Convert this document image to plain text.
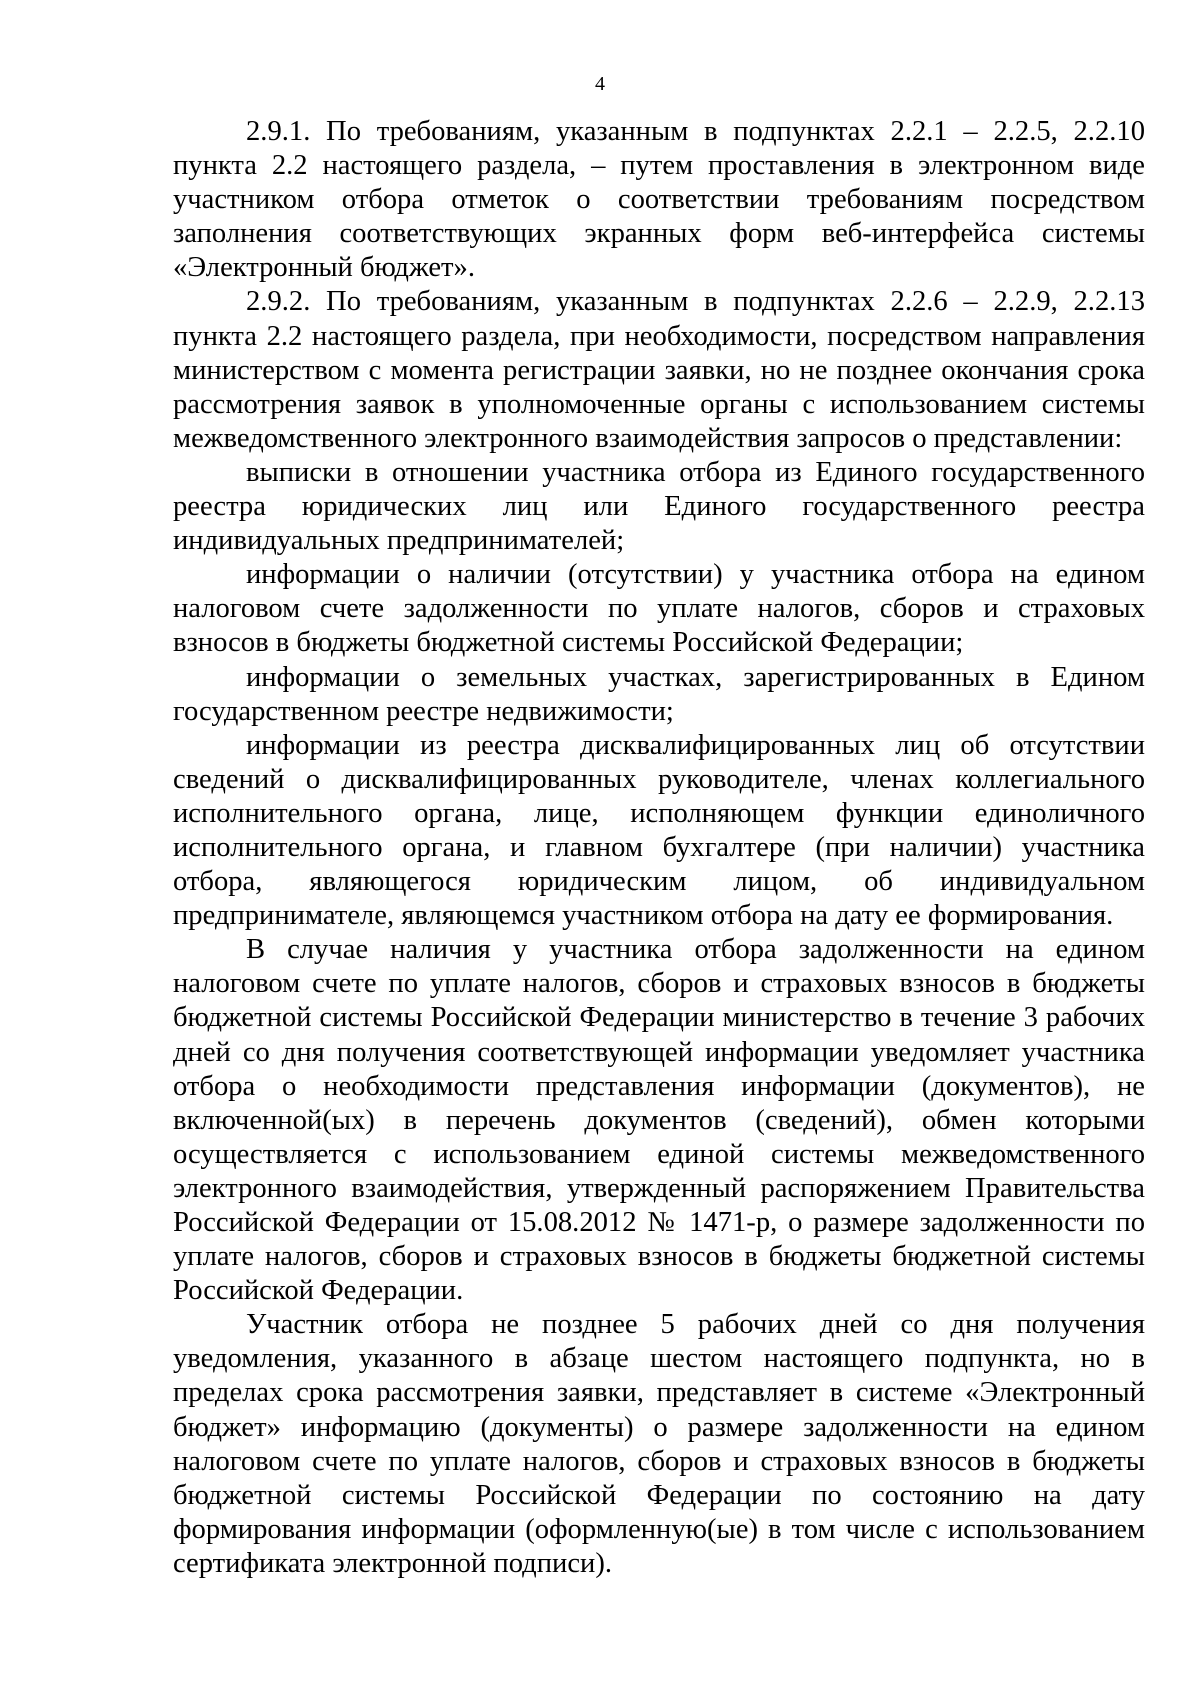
4

2.9.1. По требованиям, указанным в подпунктах 2.2.1 – 2.2.5, 2.2.10 пункта 2.2 настоящего раздела, – путем проставления в электронном виде участником отбора отметок о соответствии требованиям посредством заполнения соответствующих экранных форм веб-интерфейса системы «Электронный бюджет».

2.9.2. По требованиям, указанным в подпунктах 2.2.6 – 2.2.9, 2.2.13 пункта 2.2 настоящего раздела, при необходимости, посредством направления министерством с момента регистрации заявки, но не позднее окончания срока рассмотрения заявок в уполномоченные органы с использованием системы межведомственного электронного взаимодействия запросов о представлении:

выписки в отношении участника отбора из Единого государственного реестра юридических лиц или Единого государственного реестра индивидуальных предпринимателей;

информации о наличии (отсутствии) у участника отбора на едином налоговом счете задолженности по уплате налогов, сборов и страховых взносов в бюджеты бюджетной системы Российской Федерации;

информации о земельных участках, зарегистрированных в Едином государственном реестре недвижимости;

информации из реестра дисквалифицированных лиц об отсутствии сведений о дисквалифицированных руководителе, членах коллегиального исполнительного органа, лице, исполняющем функции единоличного исполнительного органа, и главном бухгалтере (при наличии) участника отбора, являющегося юридическим лицом, об индивидуальном предпринимателе, являющемся участником отбора на дату ее формирования.

В случае наличия у участника отбора задолженности на едином налоговом счете по уплате налогов, сборов и страховых взносов в бюджеты бюджетной системы Российской Федерации министерство в течение 3 рабочих дней со дня получения соответствующей информации уведомляет участника отбора о необходимости представления информации (документов), не включенной(ых) в перечень документов (сведений), обмен которыми осуществляется с использованием единой системы межведомственного электронного взаимодействия, утвержденный распоряжением Правительства Российской Федерации от 15.08.2012 № 1471-р, о размере задолженности по уплате налогов, сборов и страховых взносов в бюджеты бюджетной системы Российской Федерации.

Участник отбора не позднее 5 рабочих дней со дня получения уведомления, указанного в абзаце шестом настоящего подпункта, но в пределах срока рассмотрения заявки, представляет в системе «Электронный бюджет» информацию (документы) о размере задолженности на едином налоговом счете по уплате налогов, сборов и страховых взносов в бюджеты бюджетной системы Российской Федерации по состоянию на дату формирования информации (оформленную(ые) в том числе с использованием сертификата электронной подписи).
